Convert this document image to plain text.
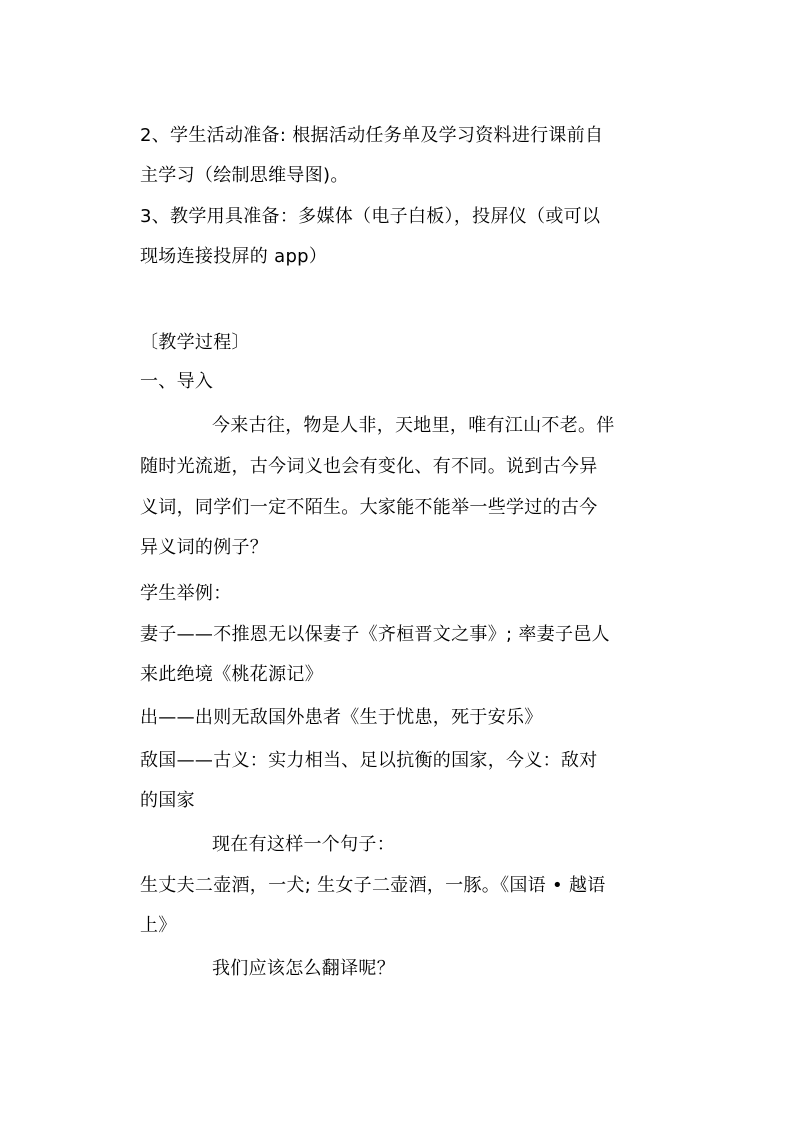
2、学生活动准备: 根据活动任务单及学习资料进行课前自
主学习（绘制思维导图)。
3、教学用具准备：多媒体（电子白板），投屏仪（或可以
现场连接投屏的 app）
〔教学过程〕
一、导入
今来古往，物是人非，天地里，唯有江山不老。伴
随时光流逝，古今词义也会有变化、有不同。说到古今异
义词，同学们一定不陌生。大家能不能举一些学过的古今
异义词的例子？
学生举例：
妻子——不推恩无以保妻子《齐桓晋文之事》; 率妻子邑人
来此绝境《桃花源记》
出——出则无敌国外患者《生于忧患，死于安乐》
敌国——古义：实力相当、足以抗衡的国家，今义：敌对
的国家
现在有这样一个句子：
生丈夫二壶酒，一犬; 生女子二壶酒，一豚。《国语 • 越语
上》
我们应该怎么翻译呢？
